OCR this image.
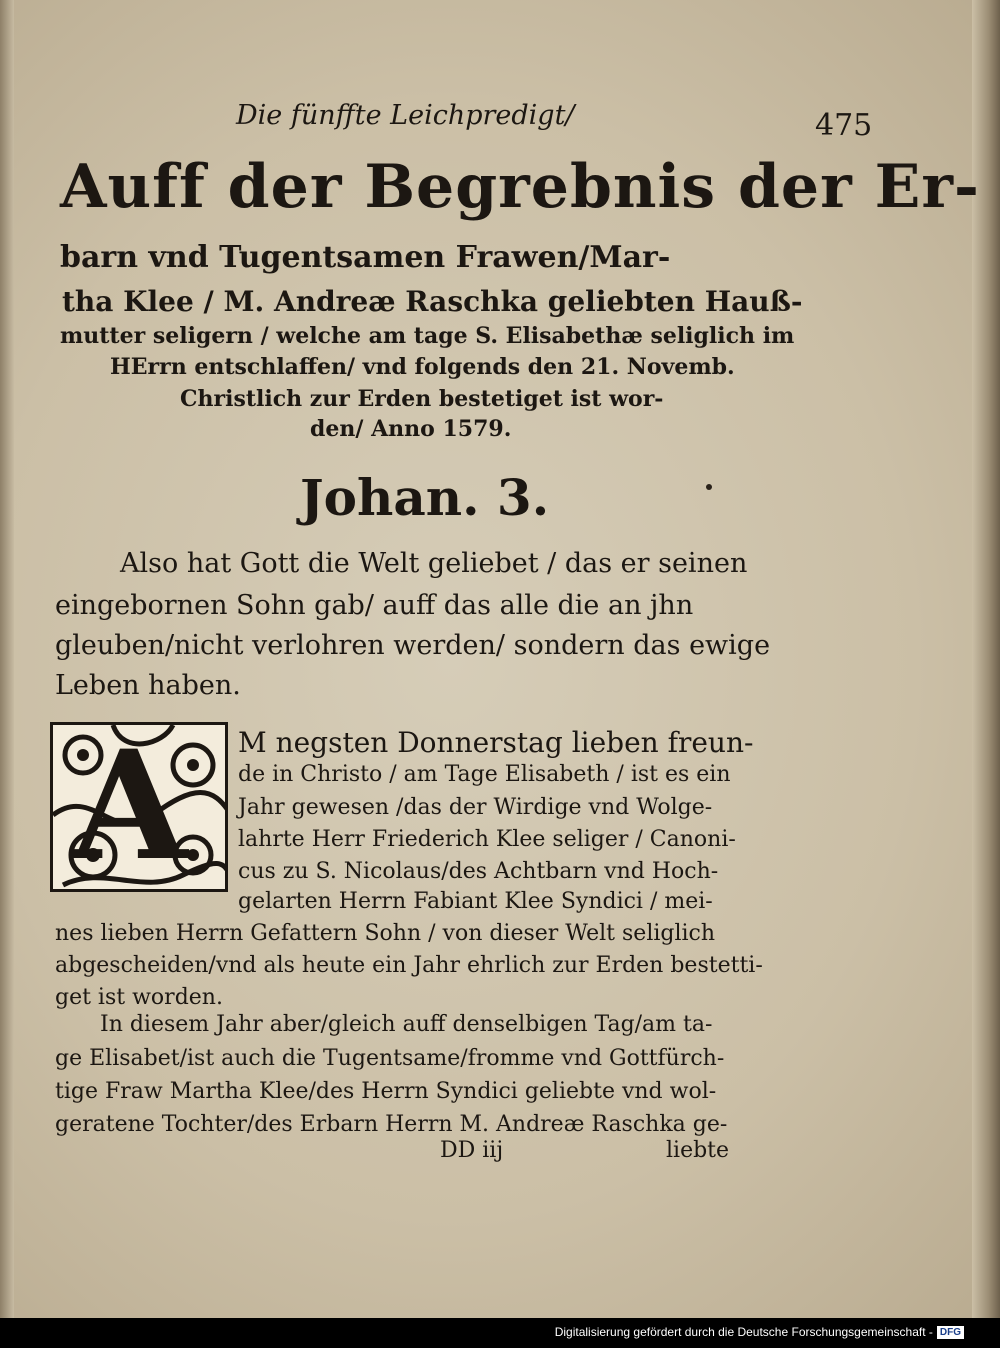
Die fünffte Leichpredigt/	475
Auff der Begrebnis der Er-
barn vnd Tugentsamen Frawen/Mar-
tha Klee / M. Andreæ Raschka geliebten Hauß-
mutter seligern / welche am tage S. Elisabethæ seliglich im
HErrn entschlaffen/ vnd folgends den 21. Novemb.
Christlich zur Erden bestetiget ist wor-
den/ Anno 1579.
Johan. 3.
Also hat Gott die Welt geliebet / das er seinen
eingebornen Sohn gab/ auff das alle die an jhn
gleuben/nicht verlohren werden/ sondern das ewige
Leben haben.
A M negsten Donnerstag lieben freun-
de in Christo / am Tage Elisabeth / ist es ein
Jahr gewesen /das der Wirdige vnd Wolge-
lahrte Herr Friederich Klee seliger / Canoni-
cus zu S. Nicolaus/des Achtbarn vnd Hoch-
gelarten Herrn Fabiant Klee Syndici / mei-
nes lieben Herrn Gefattern Sohn / von dieser Welt seliglich
abgescheiden/vnd als heute ein Jahr ehrlich zur Erden bestetti-
get ist worden.
In diesem Jahr aber/gleich auff denselbigen Tag/am ta-
ge Elisabet/ist auch die Tugentsame/fromme vnd Gottfürch-
tige Fraw Martha Klee/des Herrn Syndici geliebte vnd wol-
geratene Tochter/des Erbarn Herrn M. Andreæ Raschka ge-
DD iij	liebte
Digitalisierung gefördert durch die Deutsche Forschungsgemeinschaft - DFG
